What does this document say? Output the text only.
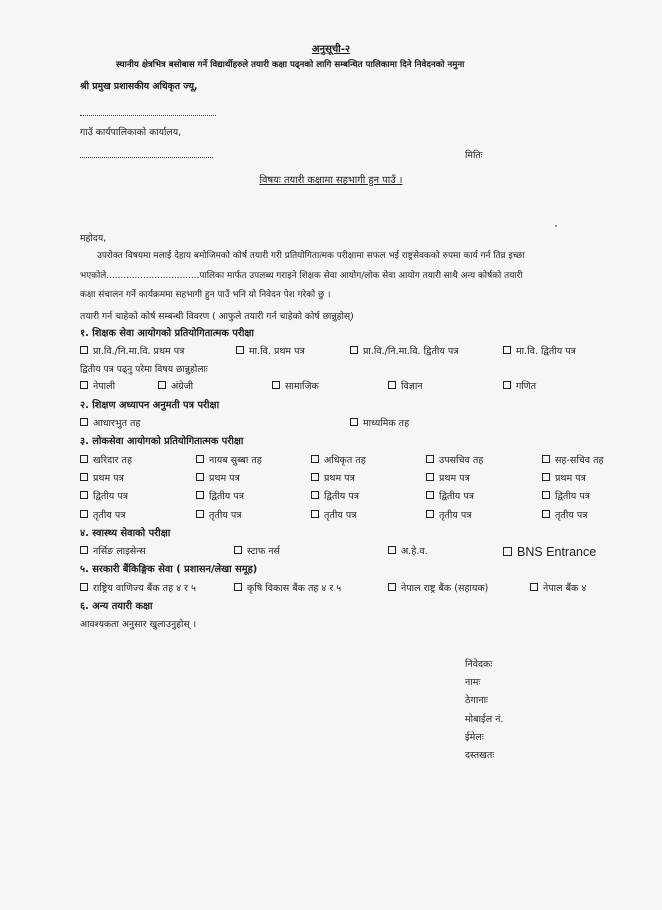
अनुसूची-२
स्थानीय क्षेत्रभित्र बसोबास गर्ने विद्यार्थीहरुले तयारी कक्षा पढ्नको लागि सम्बन्धित पालिकामा दिने निवेदनको नमुना
श्री प्रमुख प्रशासकीय अधिकृत ज्यू,
गाउँ कार्यपालिकाको कार्यालय,
मितिः
विषयः तयारी कक्षामा सहभागी हुन पाउँ ।
महोदय,
उपरोक्त विषयमा मलाई देहाय बमोजिमको कोर्ष तयारी गरी प्रतियोगितात्मक परीक्षामा सफल भई राष्ट्रसेवकको रुपमा कार्य गर्न तिव्र इच्छा
भएकोले.................................पालिका मार्फत उपलब्ध गराइने शिक्षक सेवा आयोग/लोक सेवा आयोग तयारी साथै अन्य कोर्षको तयारी
कक्षा संचालन गर्ने कार्यक्रममा सहभागी हुन पाउँ भनि यो निवेदन पेश गरेको छु ।
तयारी गर्न चाहेको कोर्ष सम्बन्धी विवरण ( आफुले तयारी गर्न चाहेको कोर्ष छान्नुहोस्)
१. शिक्षक सेवा आयोगको प्रतियोगितात्मक परीक्षा
प्रा.वि./नि.मा.वि. प्रथम पत्र	मा.वि. प्रथम पत्र	प्रा.वि./नि.मा.वि. द्वितीय पत्र	मा.वि. द्वितीय पत्र
द्वितीय पत्र पढ्नु परेमा विषय छान्नुहोलाः
नेपाली	अंग्रेजी	सामाजिक	विज्ञान	गणित
२. शिक्षण अध्यापन अनुमती पत्र परीक्षा
आधारभुत तह	माध्यमिक तह
३. लोकसेवा आयोगको प्रतियोगितात्मक परीक्षा
खरिदार तह	नायब सुब्बा तह	अधिकृत तह	उपसचिव तह	सह-सचिव तह
प्रथम पत्र	प्रथम पत्र	प्रथम पत्र	प्रथम पत्र	प्रथम पत्र
द्वितीय पत्र	द्वितीय पत्र	द्वितीय पत्र	द्वितीय पत्र	द्वितीय पत्र
तृतीय पत्र	तृतीय पत्र	तृतीय पत्र	तृतीय पत्र	तृतीय पत्र
४. स्वास्थ्य सेवाको परीक्षा
नर्सिङ लाइसेन्स	स्टाफ नर्स	अ.हे.व.	BNS Entrance
५. सरकारी बैंकिङ्गिक सेवा ( प्रशासन/लेखा समूह)
राष्ट्रिय वाणिज्य बैंक तह ४ र ५	कृषि विकास बैंक तह ४ र ५	नेपाल राष्ट्र बैंक (सहायक)	नेपाल बैंक ४
६. अन्य तयारी कक्षा
आवश्यकता अनुसार खुलाउनुहोस् ।
निवेदकः
नामः
ठेगानाः
मोबाईल नं.
ईमेलः
दस्तखतः
